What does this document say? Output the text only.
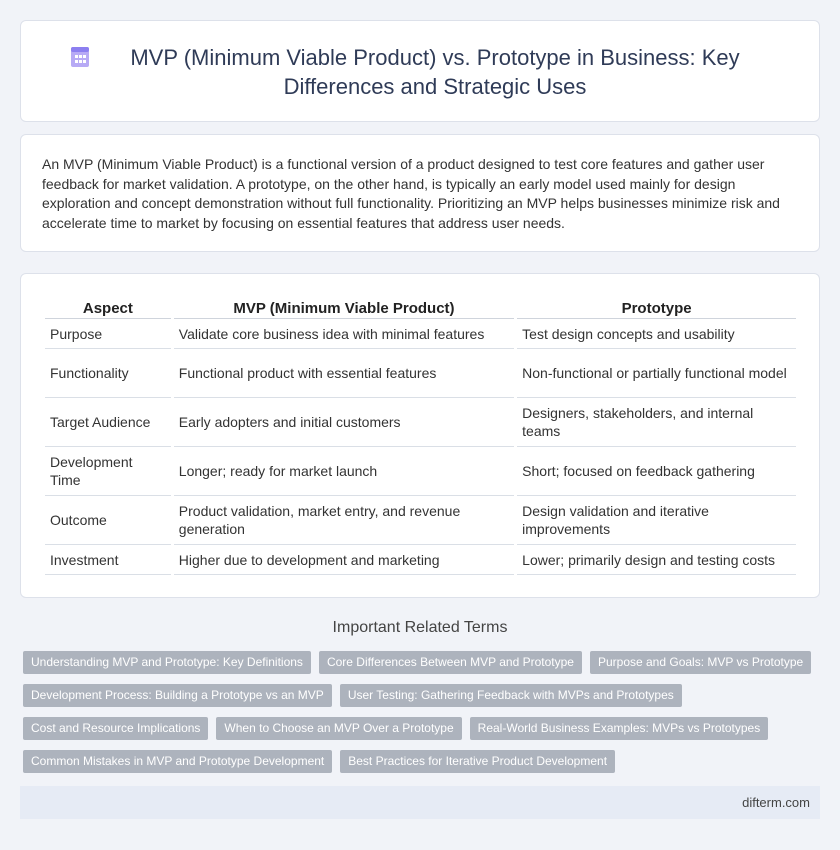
MVP (Minimum Viable Product) vs. Prototype in Business: Key Differences and Strategic Uses

An MVP (Minimum Viable Product) is a functional version of a product designed to test core features and gather user feedback for market validation. A prototype, on the other hand, is typically an early model used mainly for design exploration and concept demonstration without full functionality. Prioritizing an MVP helps businesses minimize risk and accelerate time to market by focusing on essential features that address user needs.

Aspect	MVP (Minimum Viable Product)	Prototype
Purpose	Validate core business idea with minimal features	Test design concepts and usability
Functionality	Functional product with essential features	Non-functional or partially functional model
Target Audience	Early adopters and initial customers	Designers, stakeholders, and internal teams
Development Time	Longer; ready for market launch	Short; focused on feedback gathering
Outcome	Product validation, market entry, and revenue generation	Design validation and iterative improvements
Investment	Higher due to development and marketing	Lower; primarily design and testing costs
Important Related Terms
Understanding MVP and Prototype: Key Definitions	Core Differences Between MVP and Prototype	Purpose and Goals: MVP vs Prototype
Development Process: Building a Prototype vs an MVP	User Testing: Gathering Feedback with MVPs and Prototypes
Cost and Resource Implications	When to Choose an MVP Over a Prototype	Real-World Business Examples: MVPs vs Prototypes
Common Mistakes in MVP and Prototype Development	Best Practices for Iterative Product Development
difterm.com
